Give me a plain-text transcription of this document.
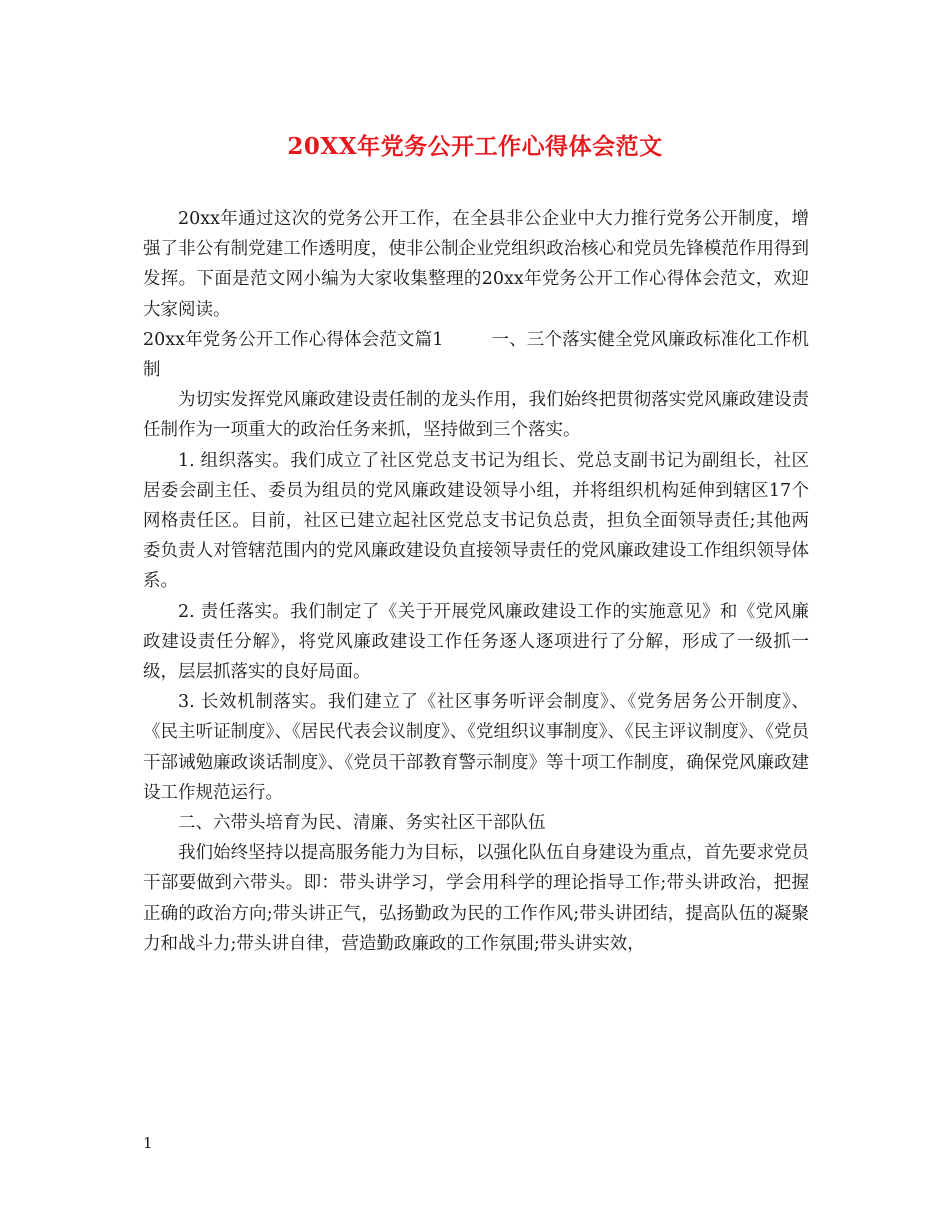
20XX年党务公开工作心得体会范文

20xx年通过这次的党务公开工作，在全县非公企业中大力推行党务公开制度，增强了非公有制党建工作透明度，使非公制企业党组织政治核心和党员先锋模范作用得到发挥。下面是范文网小编为大家收集整理的20xx年党务公开工作心得体会范文，欢迎大家阅读。

20xx年党务公开工作心得体会范文篇1	一、三个落实健全党风廉政标准化工作机制

为切实发挥党风廉政建设责任制的龙头作用，我们始终把贯彻落实党风廉政建设责任制作为一项重大的政治任务来抓，坚持做到三个落实。

1. 组织落实。我们成立了社区党总支书记为组长、党总支副书记为副组长，社区居委会副主任、委员为组员的党风廉政建设领导小组，并将组织机构延伸到辖区17个网格责任区。目前，社区已建立起社区党总支书记负总责，担负全面领导责任;其他两委负责人对管辖范围内的党风廉政建设负直接领导责任的党风廉政建设工作组织领导体系。

2. 责任落实。我们制定了《关于开展党风廉政建设工作的实施意见》和《党风廉政建设责任分解》，将党风廉政建设工作任务逐人逐项进行了分解，形成了一级抓一级，层层抓落实的良好局面。

3. 长效机制落实。我们建立了《社区事务听评会制度》、《党务居务公开制度》、《民主听证制度》、《居民代表会议制度》、《党组织议事制度》、《民主评议制度》、《党员干部诫勉廉政谈话制度》、《党员干部教育警示制度》等十项工作制度，确保党风廉政建设工作规范运行。

二、六带头培育为民、清廉、务实社区干部队伍

我们始终坚持以提高服务能力为目标，以强化队伍自身建设为重点，首先要求党员干部要做到六带头。即：带头讲学习，学会用科学的理论指导工作;带头讲政治，把握正确的政治方向;带头讲正气，弘扬勤政为民的工作作风;带头讲团结，提高队伍的凝聚力和战斗力;带头讲自律，营造勤政廉政的工作氛围;带头讲实效，

1
